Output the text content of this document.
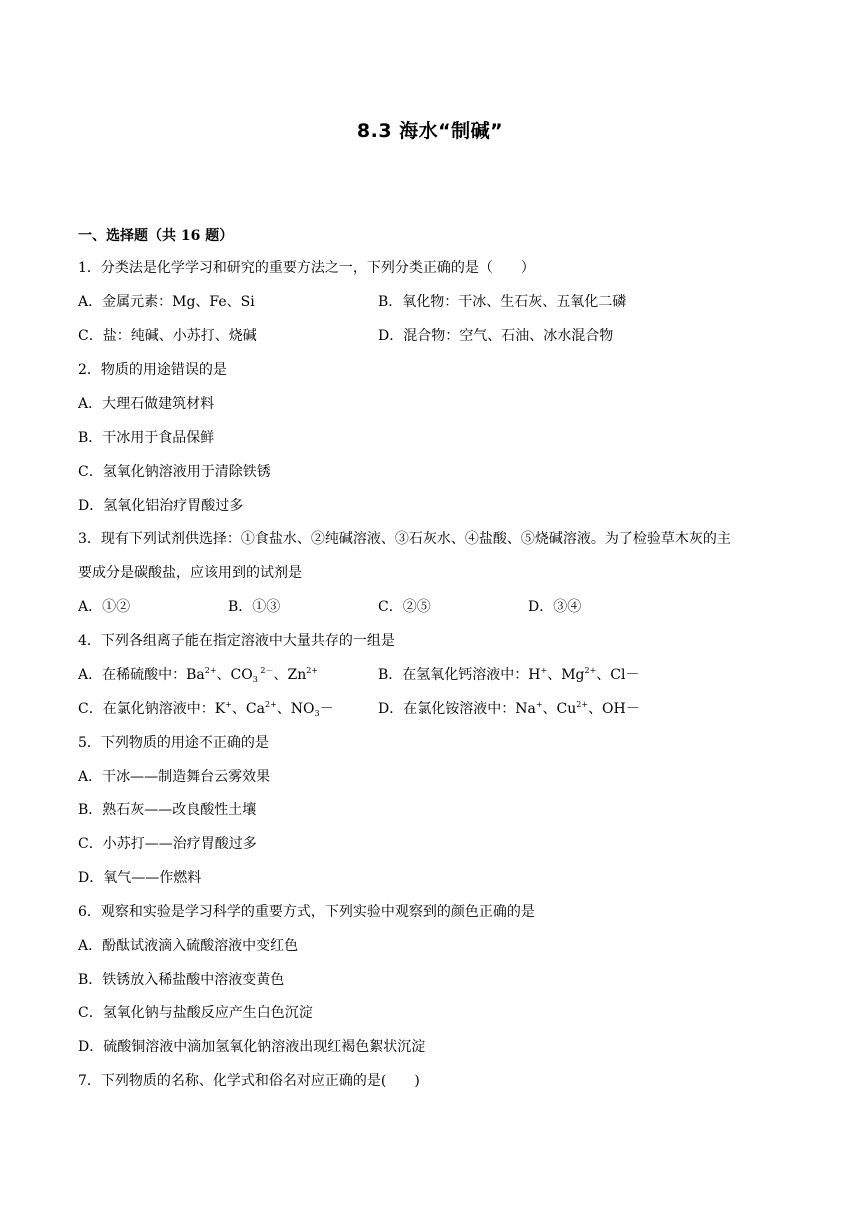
8.3 海水“制碱”
一、选择题（共 16 题）
1．分类法是化学学习和研究的重要方法之一，下列分类正确的是（　　）
A．金属元素：Mg、Fe、Si	B．氧化物：干冰、生石灰、五氧化二磷
C．盐：纯碱、小苏打、烧碱	D．混合物：空气、石油、冰水混合物
2．物质的用途错误的是
A．大理石做建筑材料
B．干冰用于食品保鲜
C．氢氧化钠溶液用于清除铁锈
D．氢氧化铝治疗胃酸过多
3．现有下列试剂供选择：①食盐水、②纯碱溶液、③石灰水、④盐酸、⑤烧碱溶液。为了检验草木灰的主
要成分是碳酸盐，应该用到的试剂是
A．①②	B．①③	C．②⑤	D．③④
4．下列各组离子能在指定溶液中大量共存的一组是
A．在稀硫酸中：$Ba^{2+}$、$CO_3$ $^{2-}$、$Zn^{2+}$	B．在氢氧化钙溶液中：H+、$Mg^{2+}$、Cl－
C．在氯化钠溶液中：K+、$Ca^{2+}$、$NO_3-$	D．在氯化铵溶液中：Na+、$Cu^{2+}$、OH－
5．下列物质的用途不正确的是
A．干冰——制造舞台云雾效果
B．熟石灰——改良酸性土壤
C．小苏打——治疗胃酸过多
D．氧气——作燃料
6．观察和实验是学习科学的重要方式，下列实验中观察到的颜色正确的是
A．酚酞试液滴入硫酸溶液中变红色
B．铁锈放入稀盐酸中溶液变黄色
C．氢氧化钠与盐酸反应产生白色沉淀
D．硫酸铜溶液中滴加氢氧化钠溶液出现红褐色絮状沉淀
7．下列物质的名称、化学式和俗名对应正确的是(　　)
